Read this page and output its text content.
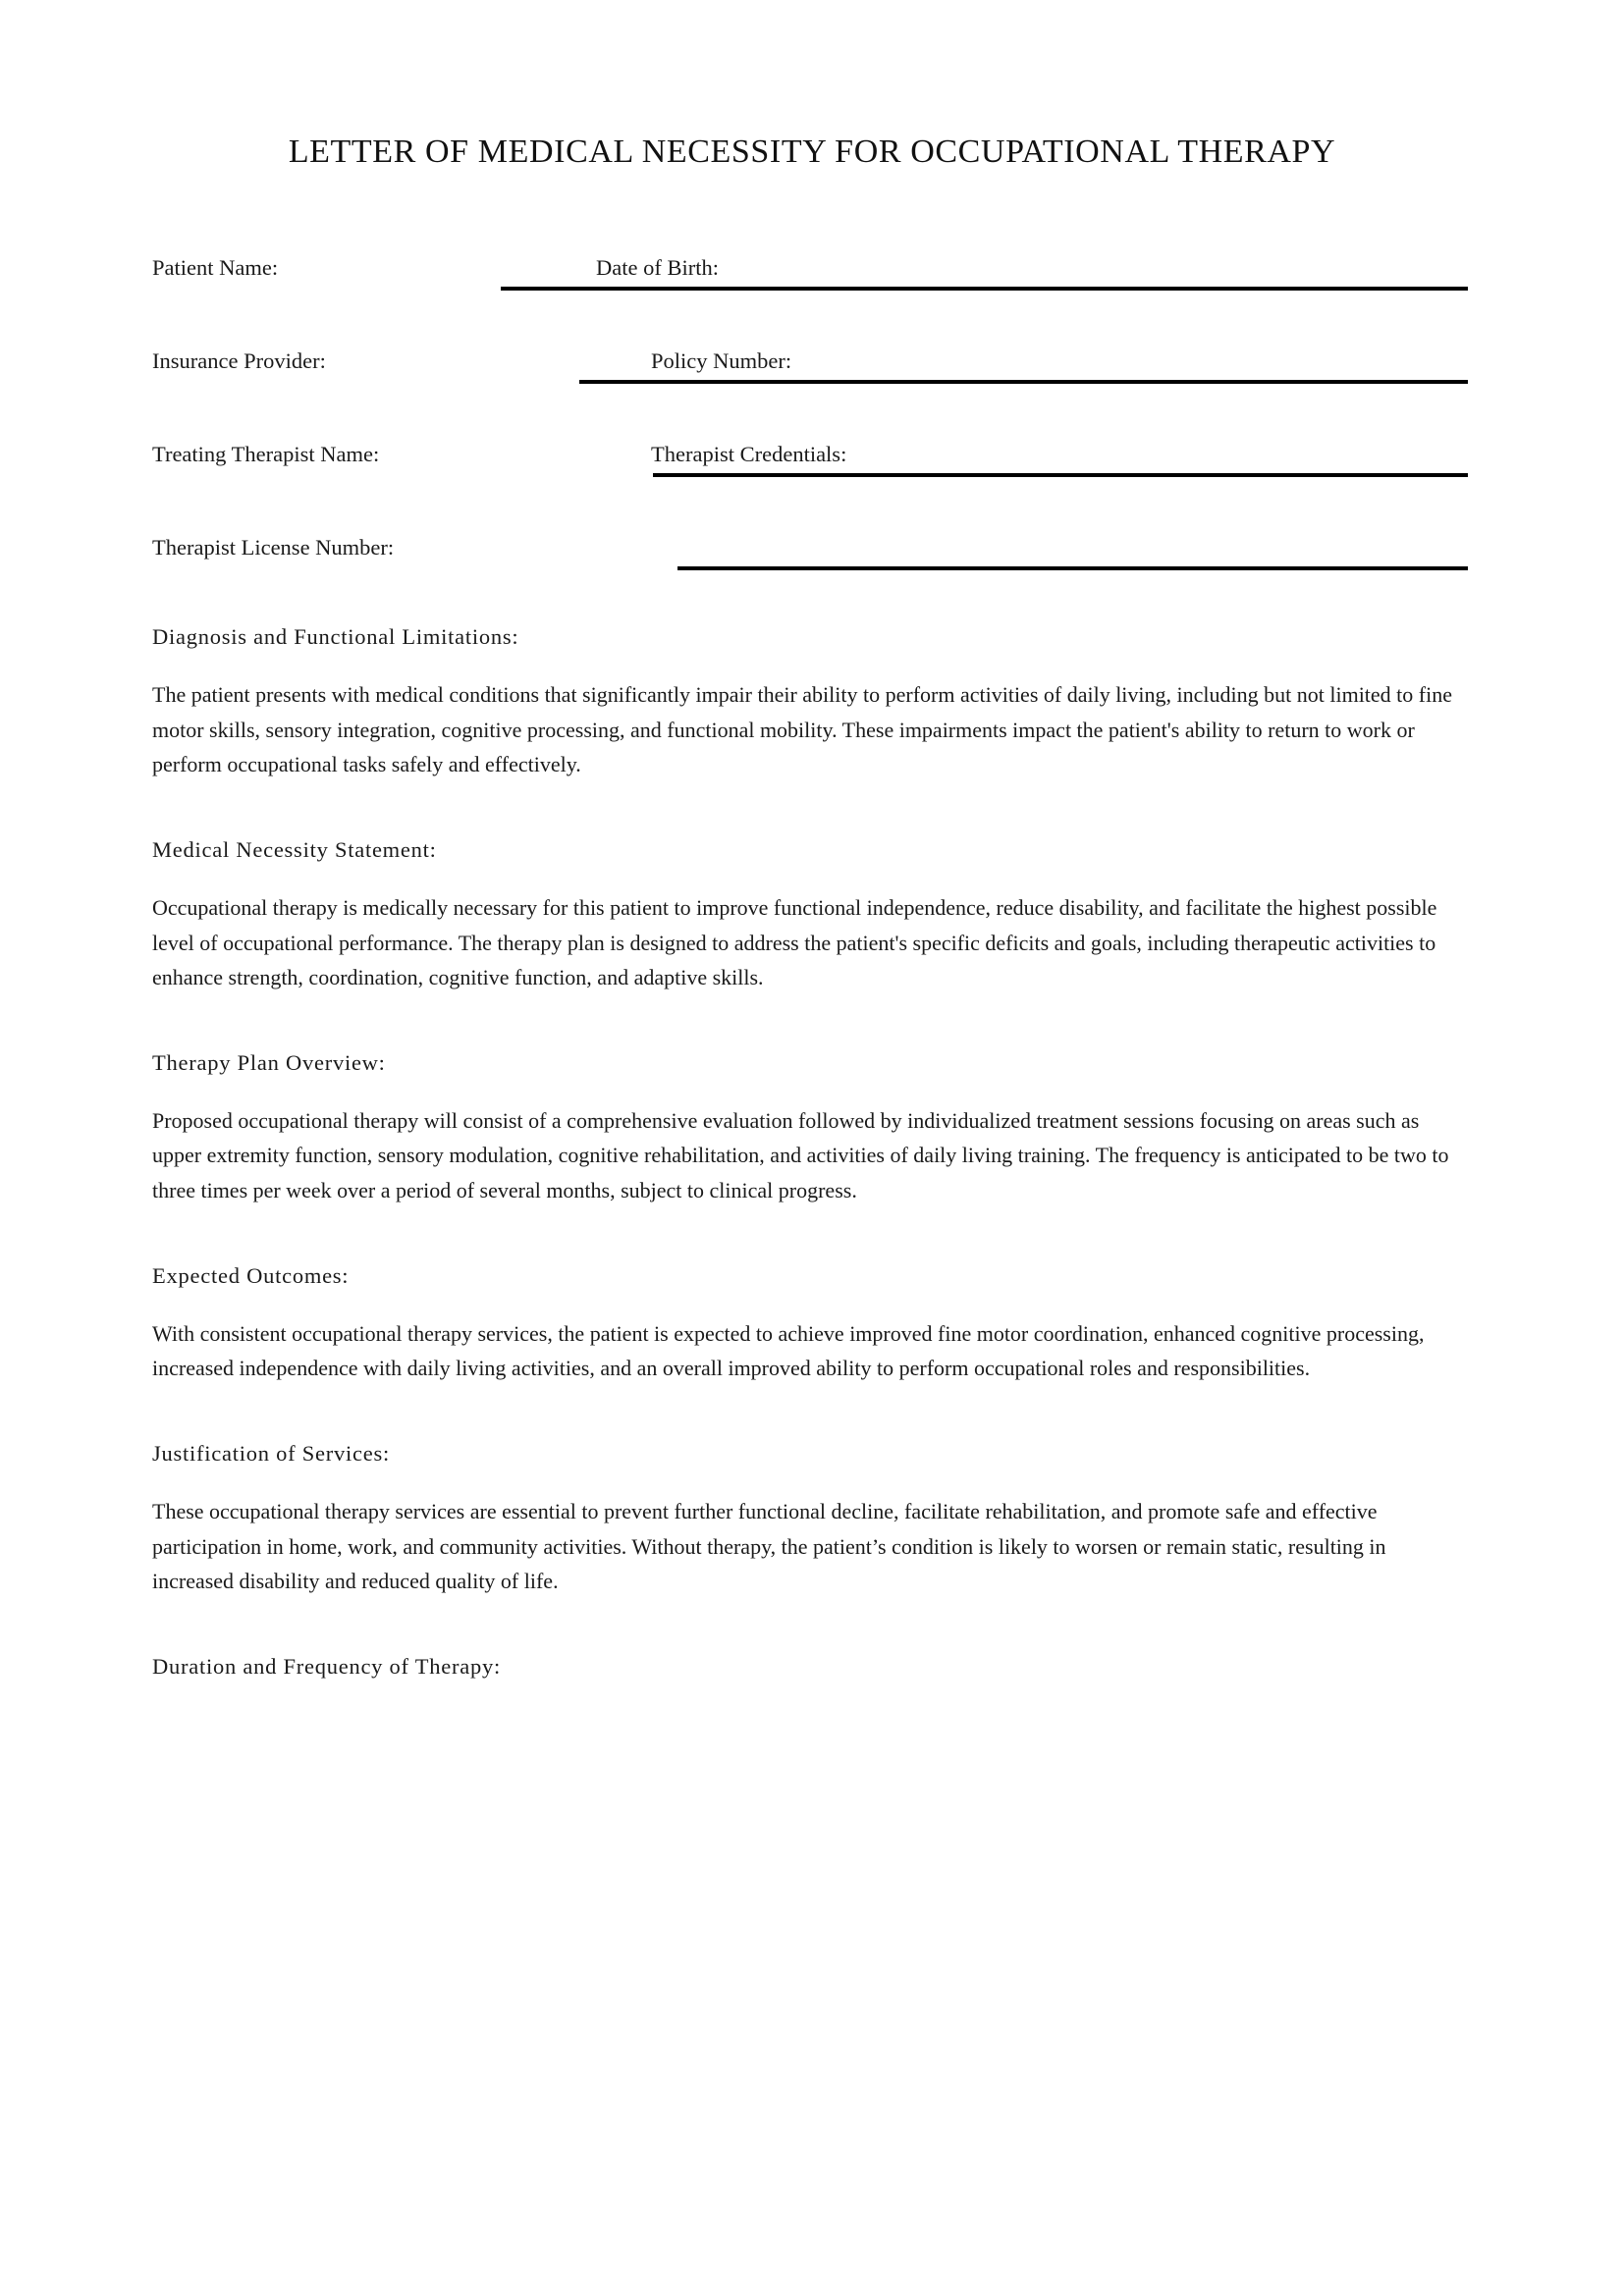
LETTER OF MEDICAL NECESSITY FOR OCCUPATIONAL THERAPY
Patient Name:	Date of Birth:
Insurance Provider:	Policy Number:
Treating Therapist Name:	Therapist Credentials:
Therapist License Number:
Diagnosis and Functional Limitations:

The patient presents with medical conditions that significantly impair their ability to perform activities of daily living, including but not limited to fine motor skills, sensory integration, cognitive processing, and functional mobility. These impairments impact the patient's ability to return to work or perform occupational tasks safely and effectively.

Medical Necessity Statement:

Occupational therapy is medically necessary for this patient to improve functional independence, reduce disability, and facilitate the highest possible level of occupational performance. The therapy plan is designed to address the patient's specific deficits and goals, including therapeutic activities to enhance strength, coordination, cognitive function, and adaptive skills.

Therapy Plan Overview:

Proposed occupational therapy will consist of a comprehensive evaluation followed by individualized treatment sessions focusing on areas such as upper extremity function, sensory modulation, cognitive rehabilitation, and activities of daily living training. The frequency is anticipated to be two to three times per week over a period of several months, subject to clinical progress.

Expected Outcomes:

With consistent occupational therapy services, the patient is expected to achieve improved fine motor coordination, enhanced cognitive processing, increased independence with daily living activities, and an overall improved ability to perform occupational roles and responsibilities.

Justification of Services:

These occupational therapy services are essential to prevent further functional decline, facilitate rehabilitation, and promote safe and effective participation in home, work, and community activities. Without therapy, the patient’s condition is likely to worsen or remain static, resulting in increased disability and reduced quality of life.

Duration and Frequency of Therapy:
